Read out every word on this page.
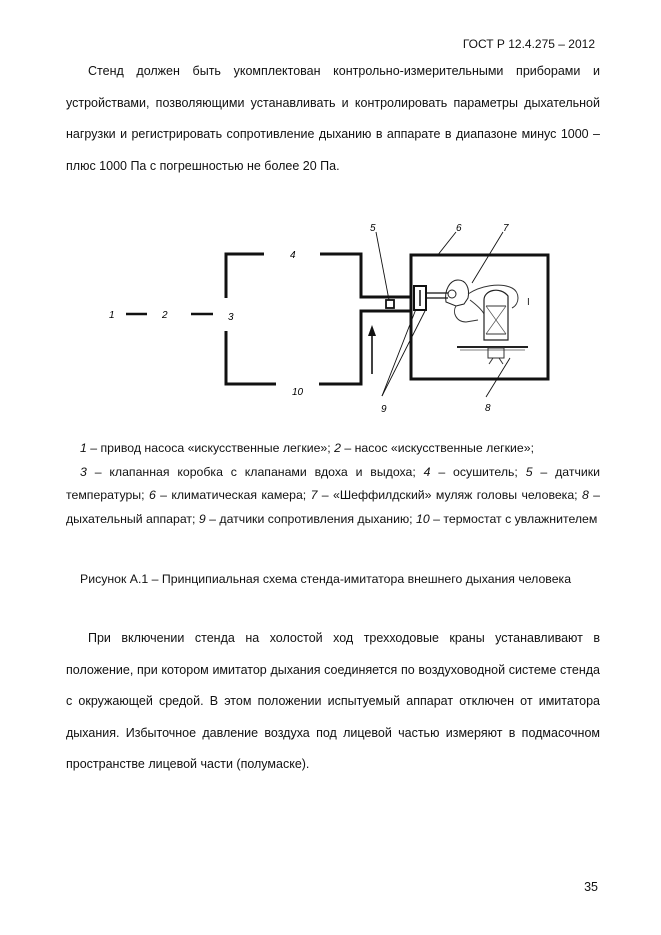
ГОСТ Р 12.4.275 – 2012
Стенд должен быть укомплектован контрольно-измерительными приборами и устройствами, позволяющими устанавливать и контролировать параметры дыхательной нагрузки и регистрировать сопротивление дыханию в аппарате в диапазоне минус 1000 – плюс 1000 Па с погрешностью не более 20 Па.
1	2	3
4
5	6	7
8
9
10
I
1 – привод насоса «искусственные легкие»; 2 – насос «искусственные легкие»;
3 – клапанная коробка с клапанами вдоха и выдоха; 4 – осушитель; 5 – датчики температуры; 6 – климатическая камера; 7 – «Шеффилдский» муляж головы человека; 8 – дыхательный аппарат; 9 – датчики сопротивления дыханию; 10 – термостат с увлажнителем
Рисунок А.1 – Принципиальная схема стенда-имитатора внешнего дыхания человека
При включении стенда на холостой ход трехходовые краны устанавливают в положение, при котором имитатор дыхания соединяется по воздуховодной системе стенда с окружающей средой. В этом положении испытуемый аппарат отключен от имитатора дыхания. Избыточное давление воздуха под лицевой частью измеряют в подмасочном пространстве лицевой части (полумаске).
35
